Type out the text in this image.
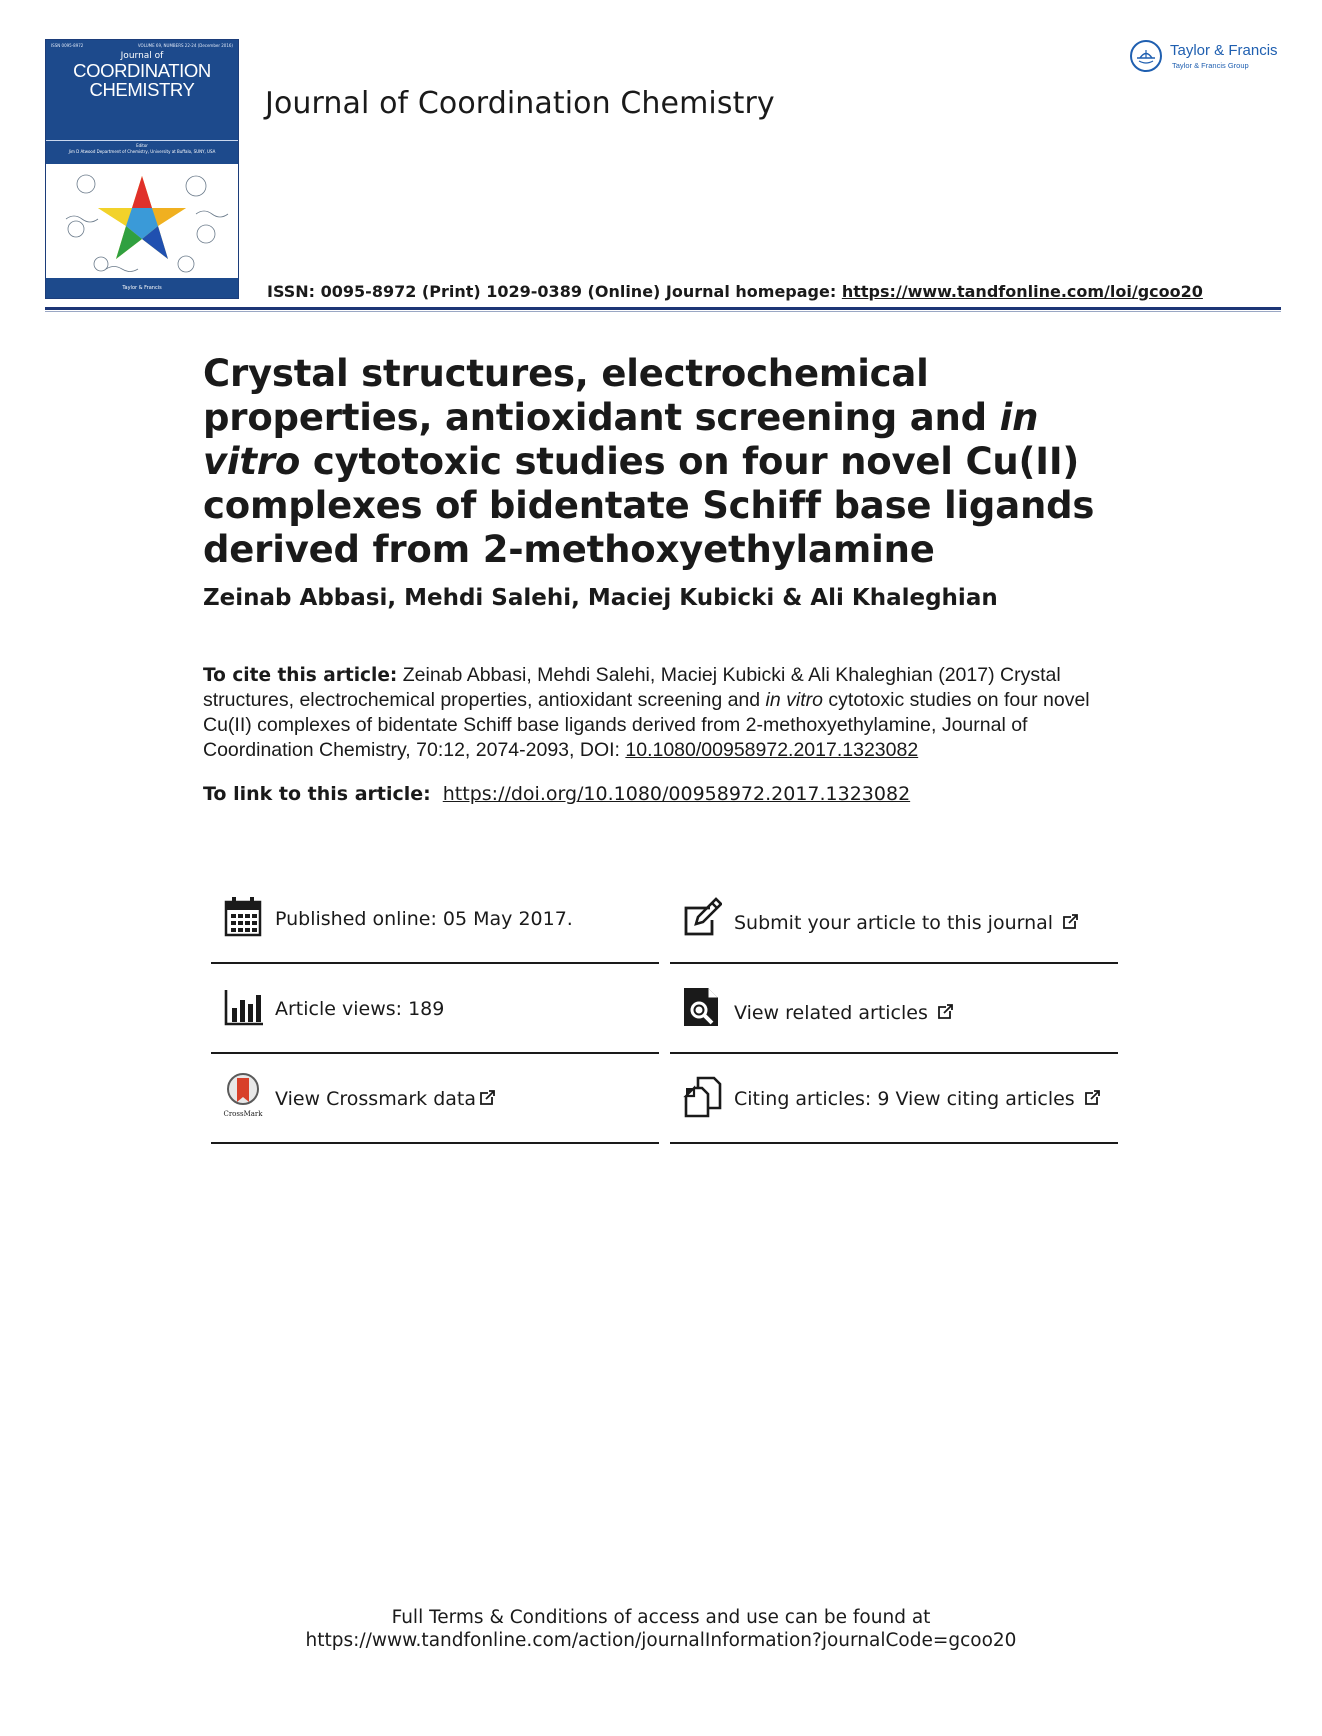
ISSN 0095-8972	VOLUME 69, NUMBERS 22-24 (December 2016)
Journal of
COORDINATION
CHEMISTRY
Editor
Jim D Atwood Department of Chemistry, University at Buffalo, SUNY, USA
Taylor & Francis
Journal of Coordination Chemistry
ISSN: 0095-8972 (Print) 1029-0389 (Online) Journal homepage: https://www.tandfonline.com/loi/gcoo20
Taylor & Francis
Taylor & Francis Group
Crystal structures, electrochemical properties, antioxidant screening and in vitro cytotoxic studies on four novel Cu(II) complexes of bidentate Schiff base ligands derived from 2-methoxyethylamine
Zeinab Abbasi, Mehdi Salehi, Maciej Kubicki & Ali Khaleghian
To cite this article: Zeinab Abbasi, Mehdi Salehi, Maciej Kubicki & Ali Khaleghian (2017) Crystal structures, electrochemical properties, antioxidant screening and in vitro cytotoxic studies on four novel Cu(II) complexes of bidentate Schiff base ligands derived from 2-methoxyethylamine, Journal of Coordination Chemistry, 70:12, 2074-2093, DOI: 10.1080/00958972.2017.1323082
To link to this article: https://doi.org/10.1080/00958972.2017.1323082
Published online: 05 May 2017.	Submit your article to this journal
Article views: 189	View related articles
CrossMark
View Crossmark data	Citing articles: 9 View citing articles
Full Terms & Conditions of access and use can be found at
https://www.tandfonline.com/action/journalInformation?journalCode=gcoo20
